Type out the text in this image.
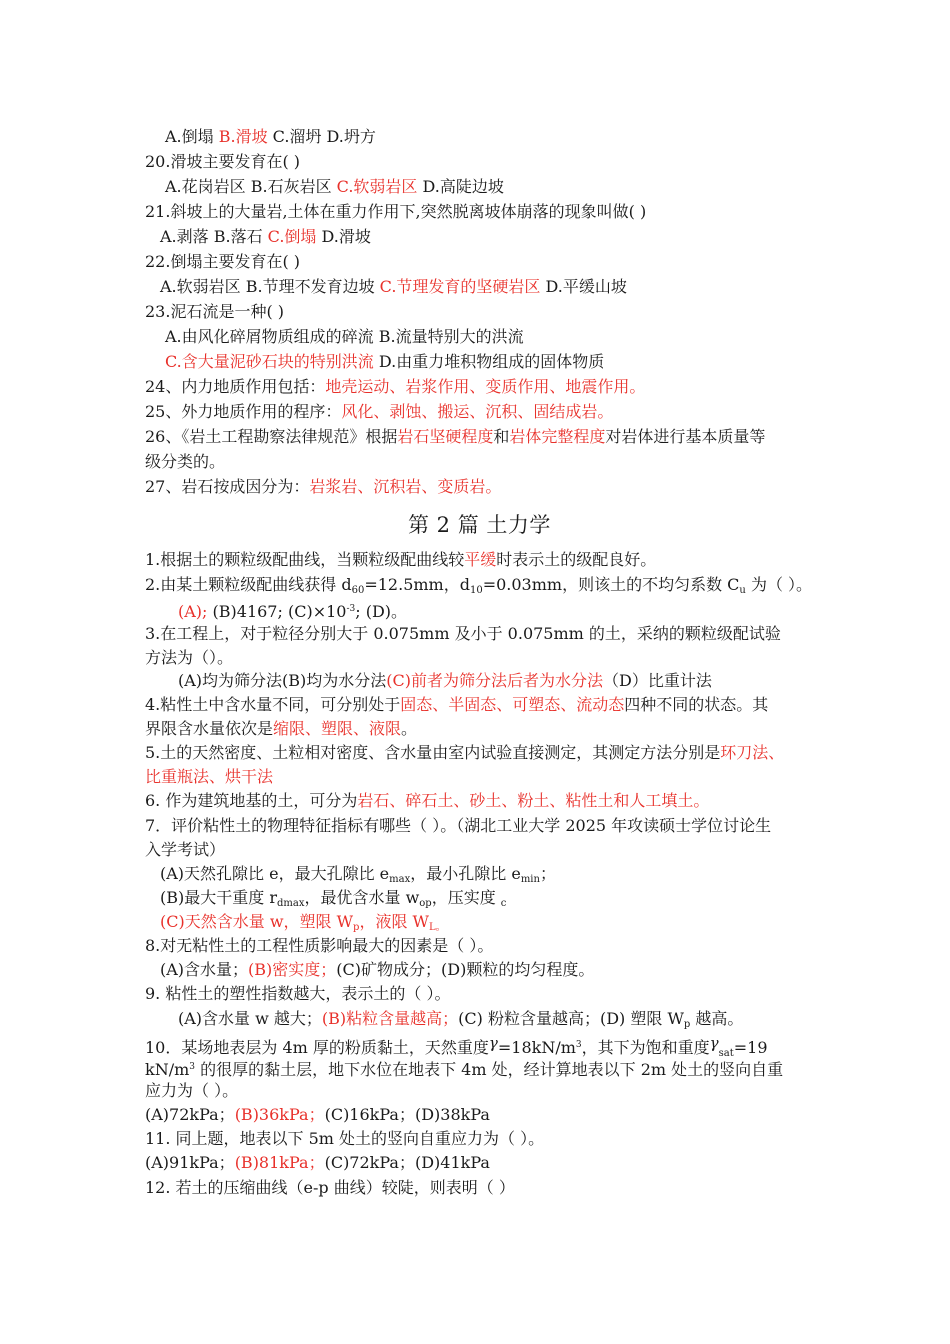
A.倒塌 B.滑坡 C.溜坍 D.坍方
20.滑坡主要发育在( )
A.花岗岩区 B.石灰岩区 C.软弱岩区 D.高陡边坡
21.斜坡上的大量岩,土体在重力作用下,突然脱离坡体崩落的现象叫做( )
A.剥落 B.落石 C.倒塌 D.滑坡
22.倒塌主要发育在( )
A.软弱岩区 B.节理不发育边坡 C.节理发育的坚硬岩区 D.平缓山坡
23.泥石流是一种( )
A.由风化碎屑物质组成的碎流 B.流量特别大的洪流
C.含大量泥砂石块的特别洪流 D.由重力堆积物组成的固体物质
24、内力地质作用包括：地壳运动、岩浆作用、变质作用、地震作用。
25、外力地质作用的程序：风化、剥蚀、搬运、沉积、固结成岩。
26、《岩土工程勘察法律规范》根据岩石坚硬程度和岩体完整程度对岩体进行基本质量等
级分类的。
27、岩石按成因分为：岩浆岩、沉积岩、变质岩。
第 2 篇 土力学
1.根据土的颗粒级配曲线，当颗粒级配曲线较平缓时表示土的级配良好。
2.由某土颗粒级配曲线获得 $d_{60}=12.5mm$，$d_{10}=0.03mm$，则该土的不均匀系数 $C_u$ 为（ ）。
(A); (B)4167; $(C)\times 10^{-3}$; (D)。
3.在工程上，对于粒径分别大于 0.075mm 及小于 0.075mm 的土，采纳的颗粒级配试验
方法为（）。
(A)均为筛分法(B)均为水分法(C)前者为筛分法后者为水分法（D）比重计法
4.粘性土中含水量不同，可分别处于固态、半固态、可塑态、流动态四种不同的状态。其
界限含水量依次是缩限、塑限、液限。
5.土的天然密度、土粒相对密度、含水量由室内试验直接测定，其测定方法分别是环刀法、
比重瓶法、烘干法
6. 作为建筑地基的土，可分为岩石、碎石土、砂土、粉土、粘性土和人工填土。
7．评价粘性土的物理特征指标有哪些（ ）。（湖北工业大学 2025 年攻读硕士学位讨论生
入学考试）
(A)天然孔隙比 e，最大孔隙比 $e_{max}$，最小孔隙比 $e_{min}$；
(B)最大干重度 $r_{dmax}$，最优含水量 $w_{op}$，压实度 $_c$
(C)天然含水量 w，塑限 $W_p$，液限 $W_{L。}$
8.对无粘性土的工程性质影响最大的因素是（ ）。
(A)含水量；(B)密实度；(C)矿物成分；(D)颗粒的均匀程度。
9. 粘性土的塑性指数越大，表示土的（ ）。
(A)含水量 w 越大；(B)粘粒含量越高；(C) 粉粒含量越高；(D) 塑限 $W_p$ 越高。
10．某场地表层为 4m 厚的粉质黏土，天然重度$\gamma=18kN/m^3$，其下为饱和重度$\gamma_{sat}=19$
$kN/m^3$ 的很厚的黏土层，地下水位在地表下 4m 处，经计算地表以下 2m 处土的竖向自重
应力为（ ）。
(A)72kPa；(B)36kPa；(C)16kPa；(D)38kPa
11. 同上题，地表以下 5m 处土的竖向自重应力为（ ）。
(A)91kPa；(B)81kPa；(C)72kPa；(D)41kPa
12. 若土的压缩曲线（e-p 曲线）较陡，则表明（ ）
